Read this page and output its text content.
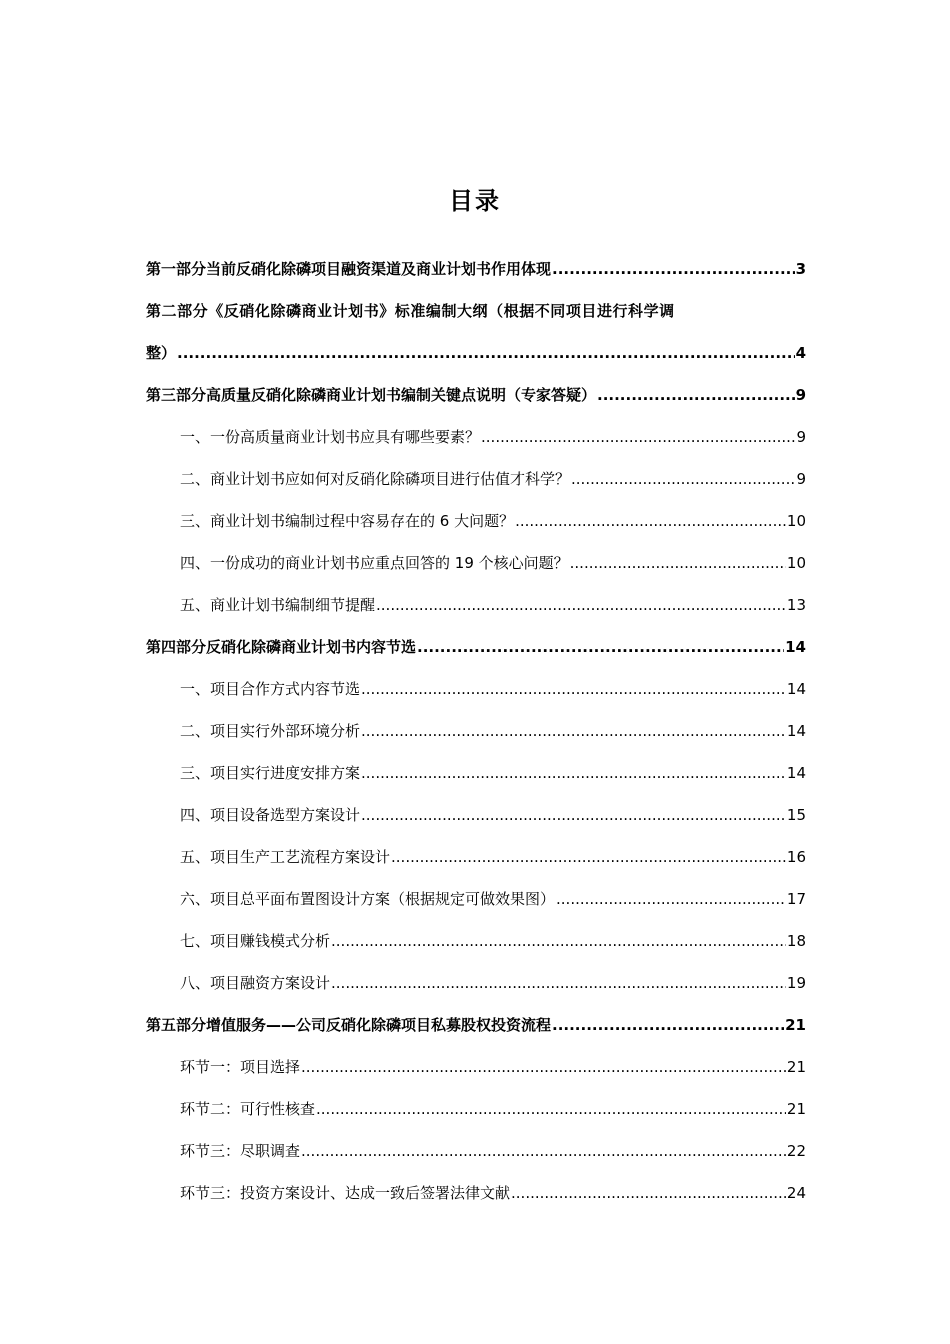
目录
第一部分当前反硝化除磷项目融资渠道及商业计划书作用体现 .....	3
第二部分《反硝化除磷商业计划书》标准编制大纲（根据不同项目进行科学调
整） .....	4
第三部分高质量反硝化除磷商业计划书编制关键点说明（专家答疑） .....	9
一、一份高质量商业计划书应具有哪些要素？ .....	9
二、商业计划书应如何对反硝化除磷项目进行估值才科学？ .....	9
三、商业计划书编制过程中容易存在的 6 大问题？ .....	10
四、一份成功的商业计划书应重点回答的 19 个核心问题？ .....	10
五、商业计划书编制细节提醒 .....	13
第四部分反硝化除磷商业计划书内容节选 .....	14
一、项目合作方式内容节选 .....	14
二、项目实行外部环境分析 .....	14
三、项目实行进度安排方案 .....	14
四、项目设备选型方案设计 .....	15
五、项目生产工艺流程方案设计 .....	16
六、项目总平面布置图设计方案（根据规定可做效果图） .....	17
七、项目赚钱模式分析 .....	18
八、项目融资方案设计 .....	19
第五部分增值服务——公司反硝化除磷项目私募股权投资流程 .....	21
环节一：项目选择 .....	21
环节二：可行性核查 .....	21
环节三：尽职调查 .....	22
环节三：投资方案设计、达成一致后签署法律文献 .....	24
